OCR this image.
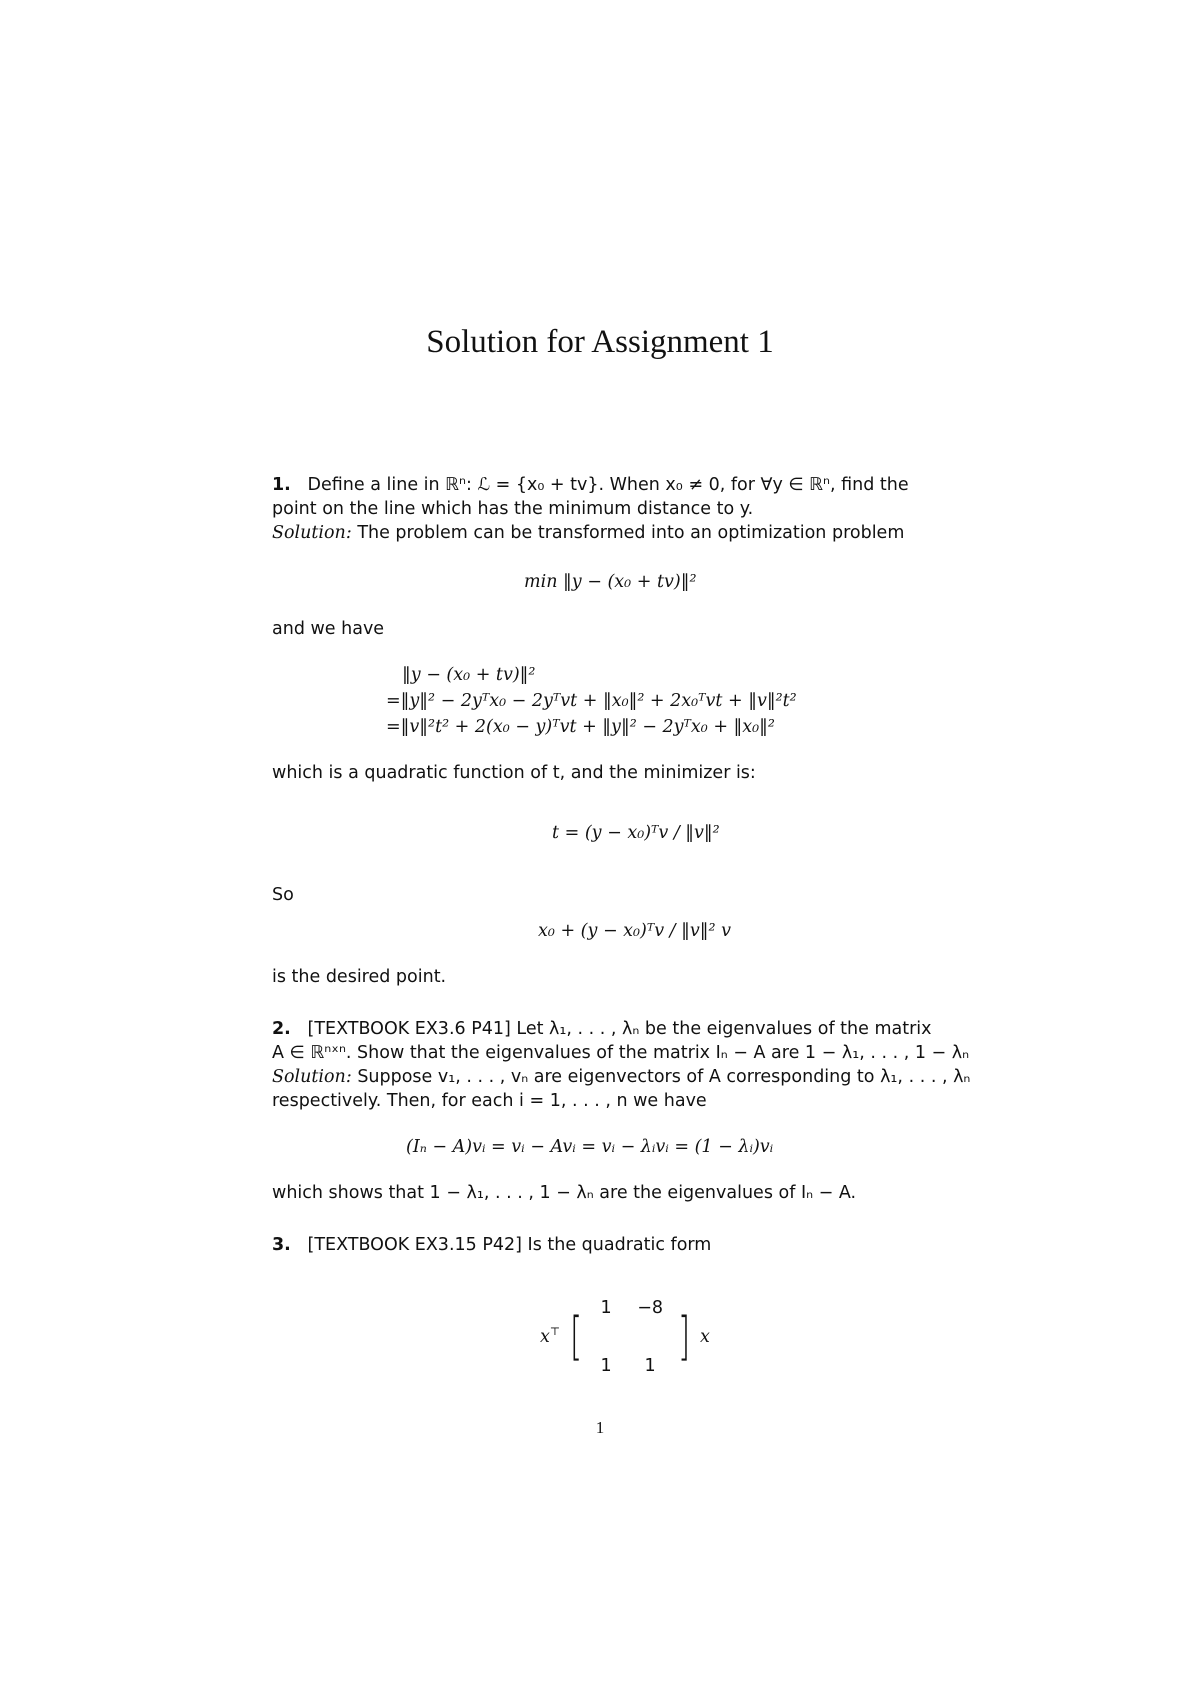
Solution for Assignment 1
1. Define a line in ℝⁿ: ℒ = {x₀ + tv}. When x₀ ≠ 0, for ∀y ∈ ℝⁿ, find the
point on the line which has the minimum distance to y.
Solution: The problem can be transformed into an optimization problem
min ‖y − (x₀ + tv)‖²
and we have
‖y − (x₀ + tv)‖²
=‖y‖² − 2yᵀx₀ − 2yᵀvt + ‖x₀‖² + 2x₀ᵀvt + ‖v‖²t²
=‖v‖²t² + 2(x₀ − y)ᵀvt + ‖y‖² − 2yᵀx₀ + ‖x₀‖²
which is a quadratic function of t, and the minimizer is:
t = (y − x₀)ᵀv / ‖v‖²
So
x₀ + (y − x₀)ᵀv / ‖v‖² v
is the desired point.
2. [TEXTBOOK EX3.6 P41] Let λ₁, . . . , λₙ be the eigenvalues of the matrix
A ∈ ℝⁿˣⁿ. Show that the eigenvalues of the matrix Iₙ − A are 1 − λ₁, . . . , 1 − λₙ
Solution: Suppose v₁, . . . , vₙ are eigenvectors of A corresponding to λ₁, . . . , λₙ
respectively. Then, for each i = 1, . . . , n we have
(Iₙ − A)vᵢ = vᵢ − Avᵢ = vᵢ − λᵢvᵢ = (1 − λᵢ)vᵢ
which shows that 1 − λ₁, . . . , 1 − λₙ are the eigenvalues of Iₙ − A.
3. [TEXTBOOK EX3.15 P42] Is the quadratic form
x⊤ [	1	−8
1	1 ] x
1
